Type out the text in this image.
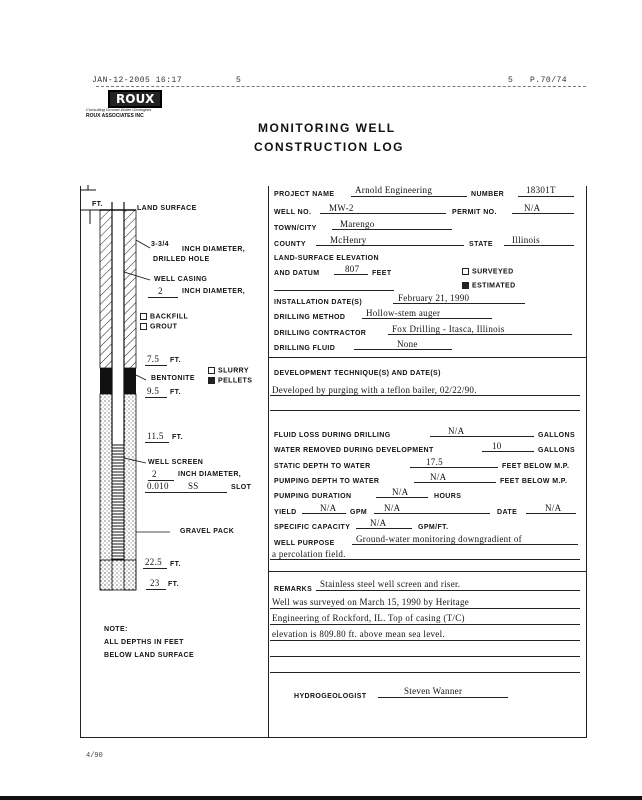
JAN-12-2005 16:17	5	5 P.70/74
ROUX
Consulting Ground-Water Geologists
ROUX ASSOCIATES INC
MONITORING WELL
CONSTRUCTION LOG
FT.
LAND SURFACE
3-3/4
INCH DIAMETER,
DRILLED HOLE
WELL CASING
2	INCH DIAMETER,
BACKFILL
GROUT
7.5 FT.
SLURRY
BENTONITE	PELLETS
9.5 FT.
11.5 FT.
WELL SCREEN
2	INCH DIAMETER,
0.010 SS	SLOT
GRAVEL PACK
22.5 FT.
23 FT.
NOTE:
ALL DEPTHS IN FEET
BELOW LAND SURFACE
PROJECT NAME Arnold Engineering	NUMBER 18301T
WELL NO. MW-2	PERMIT NO.	N/A
TOWN/CITY	Marengo
COUNTY	McHenry	STATE Illinois
LAND-SURFACE ELEVATION
AND DATUM	807 FEET	SURVEYED
ESTIMATED
INSTALLATION DATE(S)	February 21, 1990
DRILLING METHOD Hollow-stem auger
DRILLING CONTRACTOR	Fox Drilling - Itasca, Illinois
DRILLING FLUID	None
DEVELOPMENT TECHNIQUE(S) AND DATE(S)
Developed by purging with a teflon bailer, 02/22/90.
FLUID LOSS DURING DRILLING	N/A	GALLONS
WATER REMOVED DURING DEVELOPMENT	10	GALLONS
STATIC DEPTH TO WATER	17.5	FEET BELOW M.P.
PUMPING DEPTH TO WATER	N/A	FEET BELOW M.P.
PUMPING DURATION	N/A	HOURS
YIELD	N/A GPM N/A	DATE	N/A
SPECIFIC CAPACITY N/A	GPM/FT.
WELL PURPOSE Ground-water monitoring downgradient of
a percolation field.
REMARKS
Stainless steel well screen and riser.
Well was surveyed on March 15, 1990 by Heritage
Engineering of Rockford, IL. Top of casing (T/C)
elevation is 809.80 ft. above mean sea level.
HYDROGEOLOGIST
Steven Wanner
4/90
